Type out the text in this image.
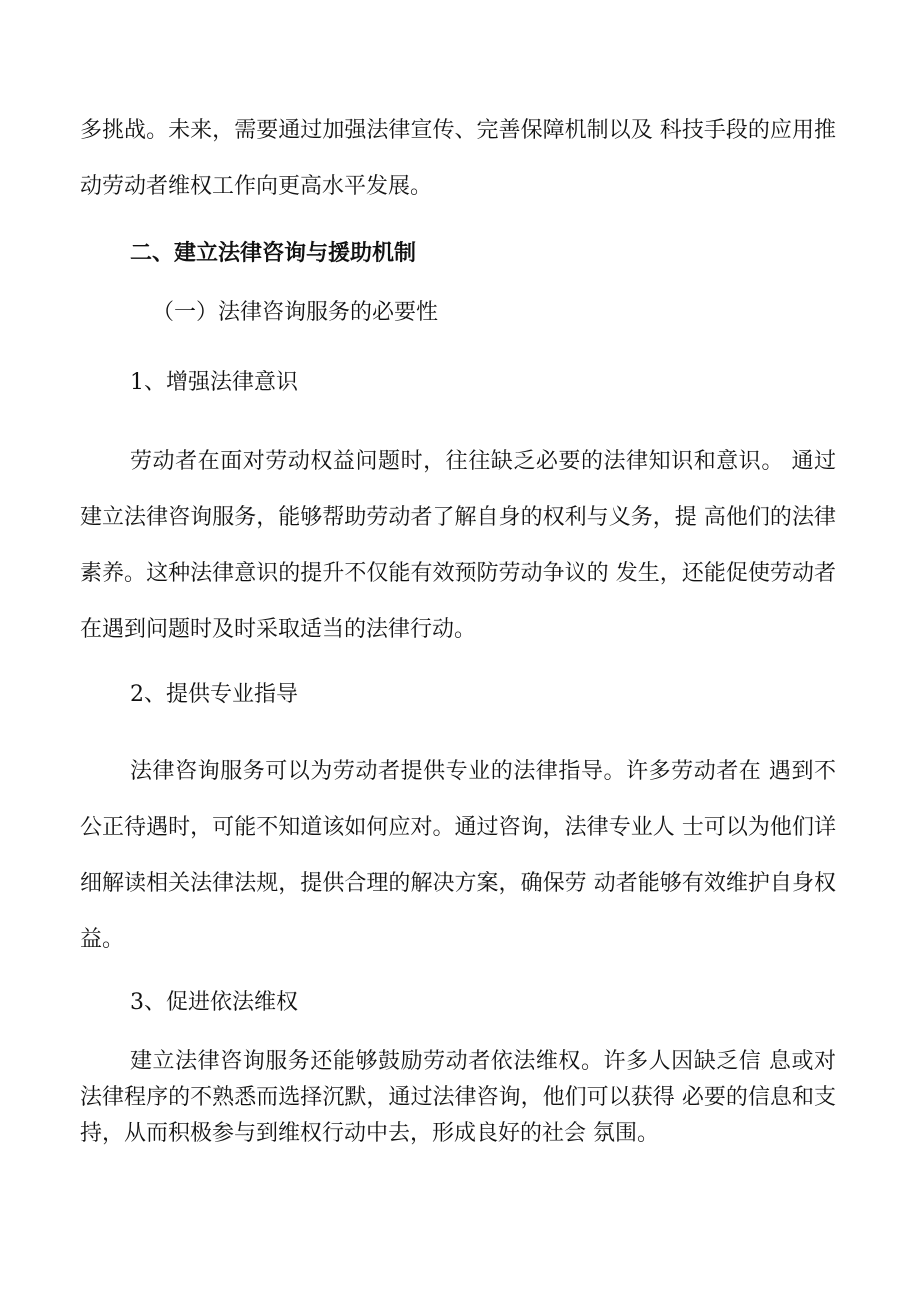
多挑战。未来，需要通过加强法律宣传、完善保障机制以及 科技手段的应用推动劳动者维权工作向更高水平发展。

二、建立法律咨询与援助机制

（一）法律咨询服务的必要性

1、增强法律意识

劳动者在面对劳动权益问题时，往往缺乏必要的法律知识和意识。 通过建立法律咨询服务，能够帮助劳动者了解自身的权利与义务，提 高他们的法律素养。这种法律意识的提升不仅能有效预防劳动争议的 发生，还能促使劳动者在遇到问题时及时采取适当的法律行动。

2、提供专业指导

法律咨询服务可以为劳动者提供专业的法律指导。许多劳动者在 遇到不公正待遇时，可能不知道该如何应对。通过咨询，法律专业人 士可以为他们详细解读相关法律法规，提供合理的解决方案，确保劳 动者能够有效维护自身权益。

3、促进依法维权

建立法律咨询服务还能够鼓励劳动者依法维权。许多人因缺乏信 息或对法律程序的不熟悉而选择沉默，通过法律咨询，他们可以获得 必要的信息和支持，从而积极参与到维权行动中去，形成良好的社会 氛围。
